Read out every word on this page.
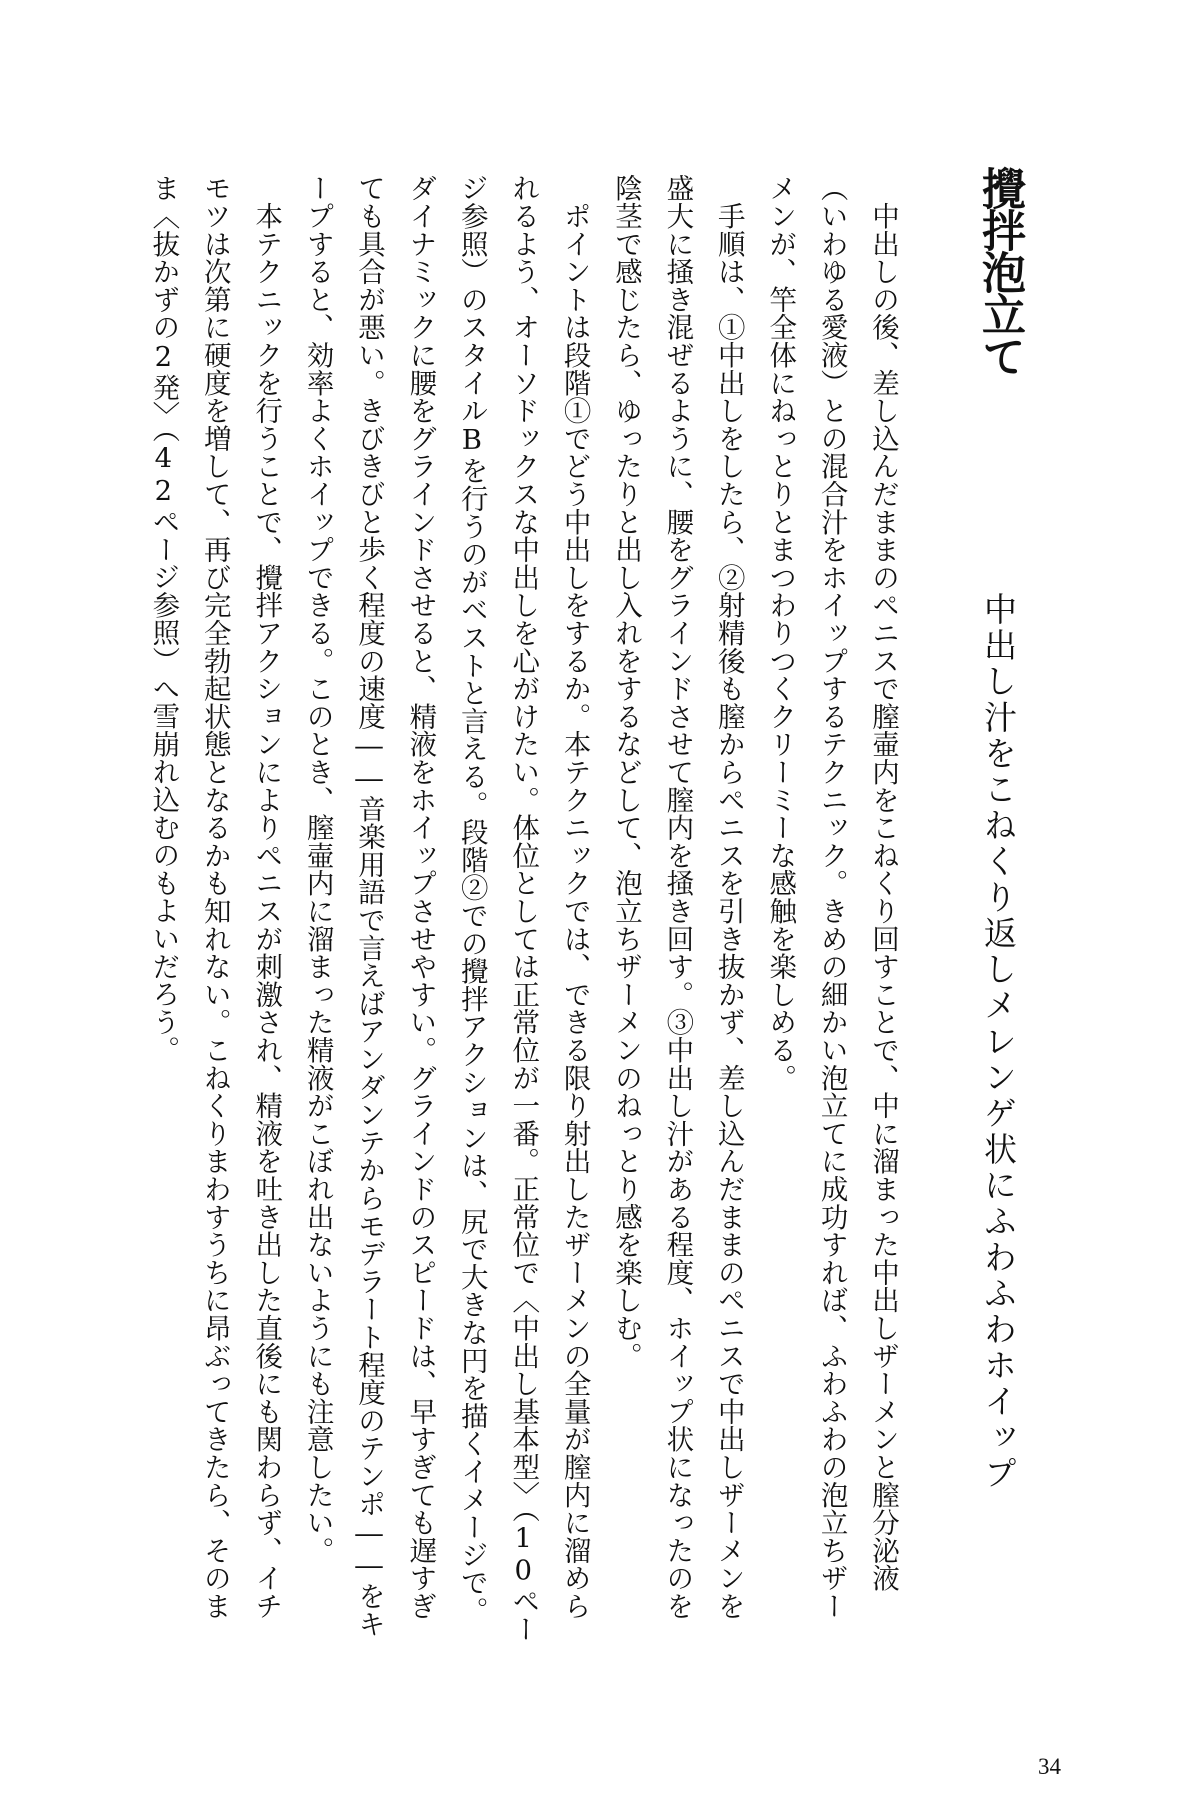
攪拌泡立て
中出し汁をこねくり返しメレンゲ状にふわふわホイップ
　中出しの後、差し込んだままのペニスで膣壷内をこねくり回すことで、中に溜まった中出しザーメンと膣分泌液
（いわゆる愛液）との混合汁をホイップするテクニック。きめの細かい泡立てに成功すれば、ふわふわの泡立ちザー
メンが、竿全体にねっとりとまつわりつくクリーミーな感触を楽しめる。
　手順は、①中出しをしたら、②射精後も膣からペニスを引き抜かず、差し込んだままのペニスで中出しザーメンを
盛大に掻き混ぜるように、腰をグラインドさせて膣内を掻き回す。③中出し汁がある程度、ホイップ状になったのを
陰茎で感じたら、ゆったりと出し入れをするなどして、泡立ちザーメンのねっとり感を楽しむ。
　ポイントは段階①でどう中出しをするか。本テクニックでは、できる限り射出したザーメンの全量が膣内に溜めら
れるよう、オーソドックスな中出しを心がけたい。体位としては正常位が一番。正常位で〈中出し基本型〉（10ペー
ジ参照）のスタイルBを行うのがベストと言える。段階②での攪拌アクションは、尻で大きな円を描くイメージで。
ダイナミックに腰をグラインドさせると、精液をホイップさせやすい。グラインドのスピードは、早すぎても遅すぎ
ても具合が悪い。きびきびと歩く程度の速度――音楽用語で言えばアンダンテからモデラート程度のテンポ――をキ
ープすると、効率よくホイップできる。このとき、膣壷内に溜まった精液がこぼれ出ないようにも注意したい。
　本テクニックを行うことで、攪拌アクションによりペニスが刺激され、精液を吐き出した直後にも関わらず、イチ
モツは次第に硬度を増して、再び完全勃起状態となるかも知れない。こねくりまわすうちに昂ぶってきたら、そのま
ま〈抜かずの2発〉（42ページ参照）へ雪崩れ込むのもよいだろう。
34
